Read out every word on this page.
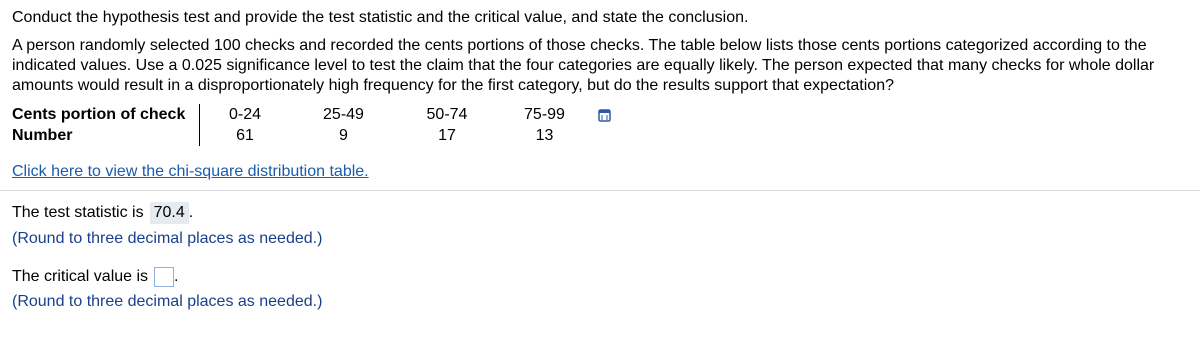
Conduct the hypothesis test and provide the test statistic and the critical value, and state the conclusion.

A person randomly selected 100 checks and recorded the cents portions of those checks. The table below lists those cents portions categorized according to the indicated values. Use a 0.025 significance level to test the claim that the four categories are equally likely. The person expected that many checks for whole dollar amounts would result in a disproportionately high frequency for the first category, but do the results support that expectation?

Cents portion of check	0-24	25-49	50-74	75-99
Number	61	9	17	13
Click here to view the chi-square distribution table.
The test statistic is 70.4 .
(Round to three decimal places as needed.)
The critical value is .
(Round to three decimal places as needed.)
